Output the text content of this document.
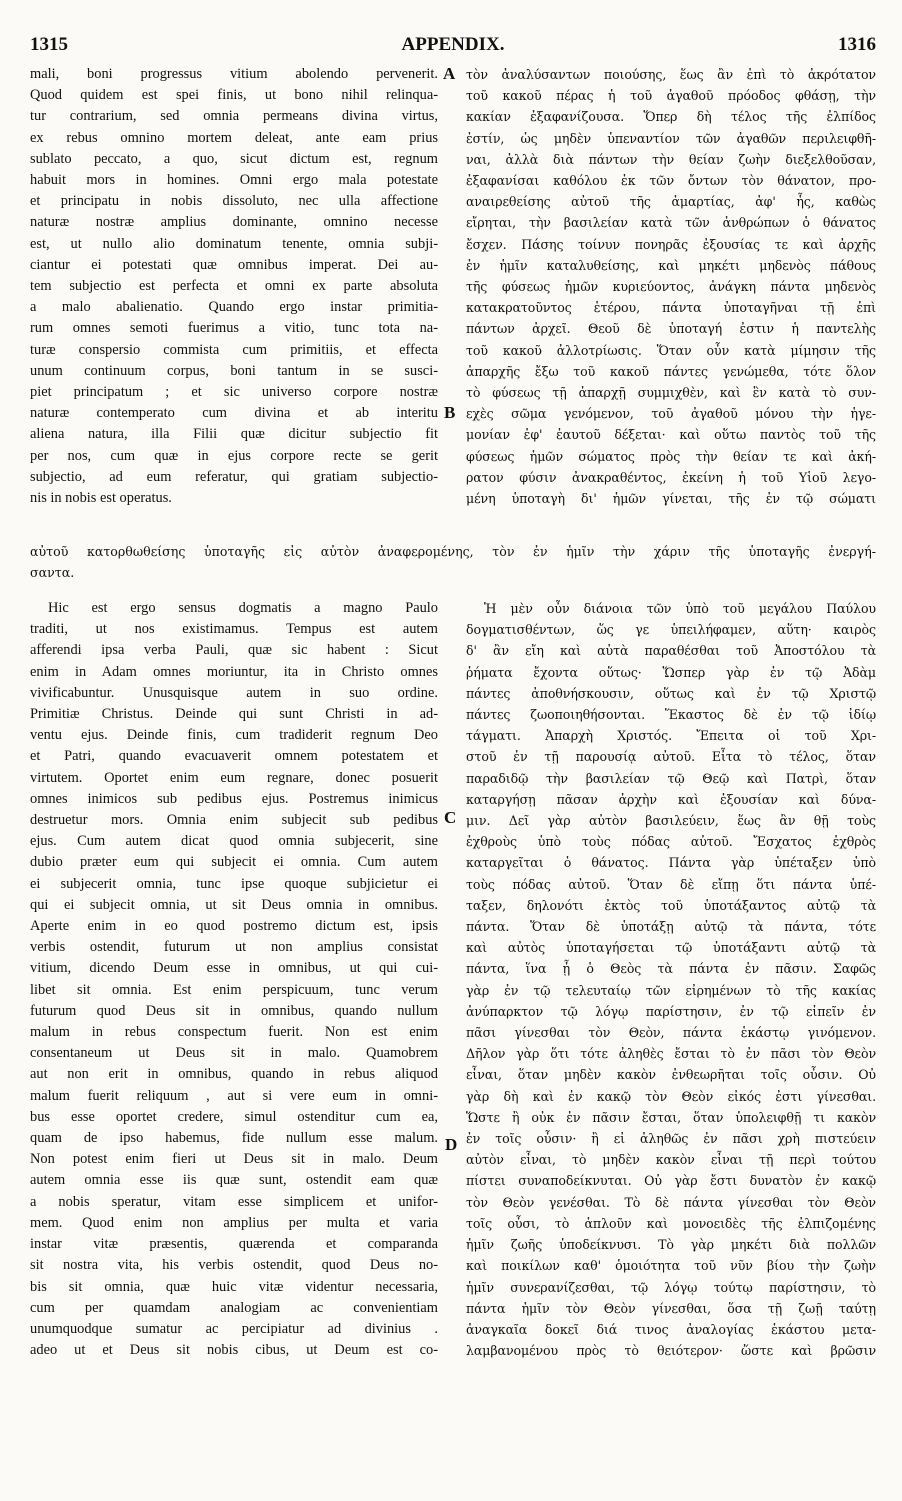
1315	APPENDIX.	1316
mali, boni progressus vitium abolendo pervenerit.
Quod quidem est spei finis, ut bono nihil relinqua-
tur contrarium, sed omnia permeans divina virtus,
ex rebus omnino mortem deleat, ante eam prius
sublato peccato, a quo, sicut dictum est, regnum
habuit mors in homines. Omni ergo mala potestate
et principatu in nobis dissoluto, nec ulla affectione
naturæ nostræ amplius dominante, omnino necesse
est, ut nullo alio dominatum tenente, omnia subji-
ciantur ei potestati quæ omnibus imperat. Dei au-
tem subjectio est perfecta et omni ex parte absoluta
a malo abalienatio. Quando ergo instar primitia-
rum omnes semoti fuerimus a vitio, tunc tota na-
turæ conspersio commista cum primitiis, et effecta
unum continuum corpus, boni tantum in se susci-
piet principatum ; et sic universo corpore nostræ
naturæ contemperato cum divina et ab interitu
aliena natura, illa Filii quæ dicitur subjectio fit
per nos, cum quæ in ejus corpore recte se gerit
subjectio, ad eum referatur, qui gratiam subjectio-
nis in nobis est operatus.
τὸν ἀναλύσαντων ποιούσης, ἕως ἂν ἐπὶ τὸ ἀκρότατον
τοῦ κακοῦ πέρας ἡ τοῦ ἀγαθοῦ πρόοδος φθάσῃ, τὴν
κακίαν ἐξαφανίζουσα. Ὅπερ δὴ τέλος τῆς ἐλπίδος
ἐστίν, ὡς μηδὲν ὑπεναντίον τῶν ἀγαθῶν περιλειφθῆ-
ναι, ἀλλὰ διὰ πάντων τὴν θείαν ζωὴν διεξελθοῦσαν,
ἐξαφανίσαι καθόλου ἐκ τῶν ὄντων τὸν θάνατον, προ-
αναιρεθείσης αὐτοῦ τῆς ἁμαρτίας, ἀφ' ἧς, καθὼς
εἴρηται, τὴν βασιλείαν κατὰ τῶν ἀνθρώπων ὁ θάνατος
ἔσχεν. Πάσης τοίνυν πονηρᾶς ἐξουσίας τε καὶ ἀρχῆς
ἐν ἡμῖν καταλυθείσης, καὶ μηκέτι μηδενὸς πάθους
τῆς φύσεως ἡμῶν κυριεύοντος, ἀνάγκη πάντα μηδενὸς
κατακρατοῦντος ἑτέρου, πάντα ὑποταγῆναι τῇ ἐπὶ
πάντων ἀρχεῖ. Θεοῦ δὲ ὑποταγή ἐστιν ἡ παντελὴς
τοῦ κακοῦ ἀλλοτρίωσις. Ὅταν οὖν κατὰ μίμησιν τῆς
ἀπαρχῆς ἔξω τοῦ κακοῦ πάντες γενώμεθα, τότε ὅλον
τὸ φύσεως τῇ ἀπαρχῇ συμμιχθὲν, καὶ ἓν κατὰ τὸ συν-
εχὲς σῶμα γενόμενον, τοῦ ἀγαθοῦ μόνου τὴν ἡγε-
μονίαν ἐφ' ἑαυτοῦ δέξεται· καὶ οὕτω παντὸς τοῦ τῆς
φύσεως ἡμῶν σώματος πρὸς τὴν θείαν τε καὶ ἀκή-
ρατον φύσιν ἀνακραθέντος, ἐκείνη ἡ τοῦ Υἱοῦ λεγο-
μένη ὑποταγὴ δι' ἡμῶν γίνεται, τῆς ἐν τῷ σώματι
αὐτοῦ κατορθωθείσης ὑποταγῆς εἰς αὐτὸν ἀναφερομένης, τὸν ἐν ἡμῖν τὴν χάριν τῆς ὑποταγῆς ἐνεργή-
σαντα.
Hic est ergo sensus dogmatis a magno Paulo
traditi, ut nos existimamus. Tempus est autem
afferendi ipsa verba Pauli, quæ sic habent : Sicut
enim in Adam omnes moriuntur, ita in Christo omnes
vivificabuntur. Unusquisque autem in suo ordine.
Primitiæ Christus. Deinde qui sunt Christi in ad-
ventu ejus. Deinde finis, cum tradiderit regnum Deo
et Patri, quando evacuaverit omnem potestatem et
virtutem. Oportet enim eum regnare, donec posuerit
omnes inimicos sub pedibus ejus. Postremus inimicus
destruetur mors. Omnia enim subjecit sub pedibus
ejus. Cum autem dicat quod omnia subjecerit, sine
dubio præter eum qui subjecit ei omnia. Cum autem
ei subjecerit omnia, tunc ipse quoque subjicietur ei
qui ei subjecit omnia, ut sit Deus omnia in omnibus.
Aperte enim in eo quod postremo dictum est, ipsis
verbis ostendit, futurum ut non amplius consistat
vitium, dicendo Deum esse in omnibus, ut qui cui-
libet sit omnia. Est enim perspicuum, tunc verum
futurum quod Deus sit in omnibus, quando nullum
malum in rebus conspectum fuerit. Non est enim
consentaneum ut Deus sit in malo. Quamobrem
aut non erit in omnibus, quando in rebus aliquod
malum fuerit reliquum , aut si vere eum in omni-
bus esse oportet credere, simul ostenditur cum ea,
quam de ipso habemus, fide nullum esse malum.
Non potest enim fieri ut Deus sit in malo. Deum
autem omnia esse iis quæ sunt, ostendit eam quæ
a nobis speratur, vitam esse simplicem et unifor-
mem. Quod enim non amplius per multa et varia
instar vitæ præsentis, quærenda et comparanda
sit nostra vita, his verbis ostendit, quod Deus no-
bis sit omnia, quæ huic vitæ videntur necessaria,
cum per quamdam analogiam ac convenientiam
unumquodque sumatur ac percipiatur ad divinius .
adeo ut et Deus sit nobis cibus, ut Deum est co-
Ἡ μὲν οὖν διάνοια τῶν ὑπὸ τοῦ μεγάλου Παύλου
δογματισθέντων, ὥς γε ὑπειλήφαμεν, αὕτη· καιρὸς
δ' ἂν εἴη καὶ αὐτὰ παραθέσθαι τοῦ Ἀποστόλου τὰ
ῥήματα ἔχοντα οὕτως· Ὥσπερ γὰρ ἐν τῷ Ἀδὰμ
πάντες ἀποθνήσκουσιν, οὕτως καὶ ἐν τῷ Χριστῷ
πάντες ζωοποιηθήσονται. Ἕκαστος δὲ ἐν τῷ ἰδίῳ
τάγματι. Ἀπαρχὴ Χριστός. Ἔπειτα οἱ τοῦ Χρι-
στοῦ ἐν τῇ παρουσίᾳ αὐτοῦ. Εἶτα τὸ τέλος, ὅταν
παραδιδῷ τὴν βασιλείαν τῷ Θεῷ καὶ Πατρὶ, ὅταν
καταργήσῃ πᾶσαν ἀρχὴν καὶ ἐξουσίαν καὶ δύνα-
μιν. Δεῖ γὰρ αὐτὸν βασιλεύειν, ἕως ἂν θῇ τοὺς
ἐχθροὺς ὑπὸ τοὺς πόδας αὐτοῦ. Ἔσχατος ἐχθρὸς
καταργεῖται ὁ θάνατος. Πάντα γὰρ ὑπέταξεν ὑπὸ
τοὺς πόδας αὐτοῦ. Ὅταν δὲ εἴπῃ ὅτι πάντα ὑπέ-
ταξεν, δηλονότι ἐκτὸς τοῦ ὑποτάξαντος αὐτῷ τὰ
πάντα. Ὅταν δὲ ὑποτάξῃ αὐτῷ τὰ πάντα, τότε
καὶ αὐτὸς ὑποταγήσεται τῷ ὑποτάξαντι αὐτῷ τὰ
πάντα, ἵνα ᾖ ὁ Θεὸς τὰ πάντα ἐν πᾶσιν. Σαφῶς
γὰρ ἐν τῷ τελευταίῳ τῶν εἰρημένων τὸ τῆς κακίας
ἀνύπαρκτον τῷ λόγῳ παρίστησιν, ἐν τῷ εἰπεῖν ἐν
πᾶσι γίνεσθαι τὸν Θεὸν, πάντα ἑκάστῳ γινόμενον.
Δῆλον γὰρ ὅτι τότε ἀληθὲς ἔσται τὸ ἐν πᾶσι τὸν Θεὸν
εἶναι, ὅταν μηδὲν κακὸν ἐνθεωρῆται τοῖς οὖσιν. Οὐ
γὰρ δὴ καὶ ἐν κακῷ τὸν Θεὸν εἰκός ἐστι γίνεσθαι.
Ὥστε ἢ οὐκ ἐν πᾶσιν ἔσται, ὅταν ὑπολειφθῇ τι κακὸν
ἐν τοῖς οὖσιν· ἢ εἰ ἀληθῶς ἐν πᾶσι χρὴ πιστεύειν
αὐτὸν εἶναι, τὸ μηδὲν κακὸν εἶναι τῇ περὶ τούτου
πίστει συναποδείκνυται. Οὐ γὰρ ἔστι δυνατὸν ἐν κακῷ
τὸν Θεὸν γενέσθαι. Τὸ δὲ πάντα γίνεσθαι τὸν Θεὸν
τοῖς οὖσι, τὸ ἁπλοῦν καὶ μονοειδὲς τῆς ἐλπιζομένης
ἡμῖν ζωῆς ὑποδείκνυσι. Τὸ γὰρ μηκέτι διὰ πολλῶν
καὶ ποικίλων καθ' ὁμοιότητα τοῦ νῦν βίου τὴν ζωὴν
ἡμῖν συνερανίζεσθαι, τῷ λόγῳ τούτῳ παρίστησιν, τὸ
πάντα ἡμῖν τὸν Θεὸν γίνεσθαι, ὅσα τῇ ζωῇ ταύτῃ
ἀναγκαῖα δοκεῖ διά τινος ἀναλογίας ἑκάστου μετα-
λαμβανομένου πρὸς τὸ θειότερον· ὥστε καὶ βρῶσιν
A
B
C
D
